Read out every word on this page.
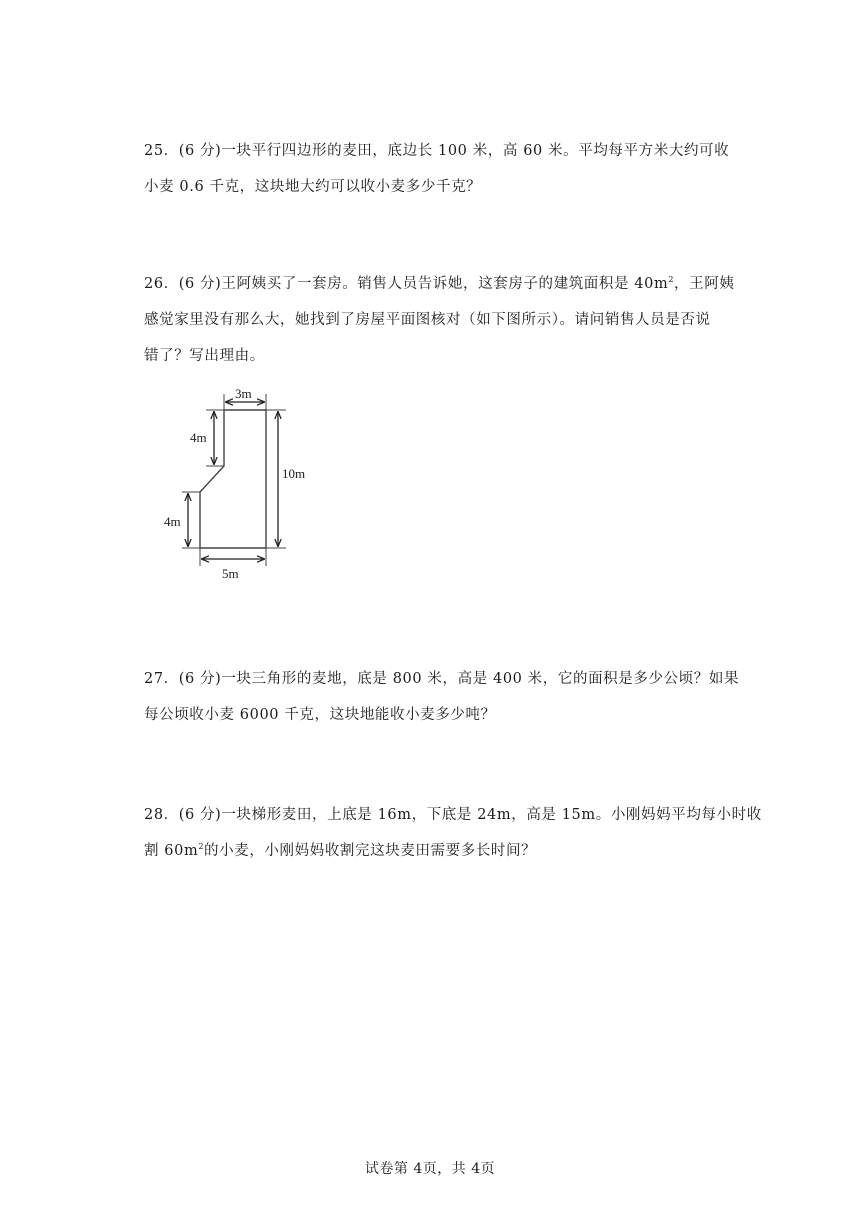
25．(6 分)一块平行四边形的麦田，底边长 100 米，高 60 米。平均每平方米大约可收
小麦 0.6 千克，这块地大约可以收小麦多少千克？
26．(6 分)王阿姨买了一套房。销售人员告诉她，这套房子的建筑面积是 $40m^2$，王阿姨
感觉家里没有那么大，她找到了房屋平面图核对（如下图所示）。请问销售人员是否说
错了？写出理由。
3m
10m
4m
4m
5m
27．(6 分)一块三角形的麦地，底是 800 米，高是 400 米，它的面积是多少公顷？如果
每公顷收小麦 6000 千克，这块地能收小麦多少吨？
28．(6 分)一块梯形麦田，上底是 16m，下底是 24m，高是 15m。小刚妈妈平均每小时收
割 $60m^2$的小麦，小刚妈妈收割完这块麦田需要多长时间？
试卷第 4页，共 4页
